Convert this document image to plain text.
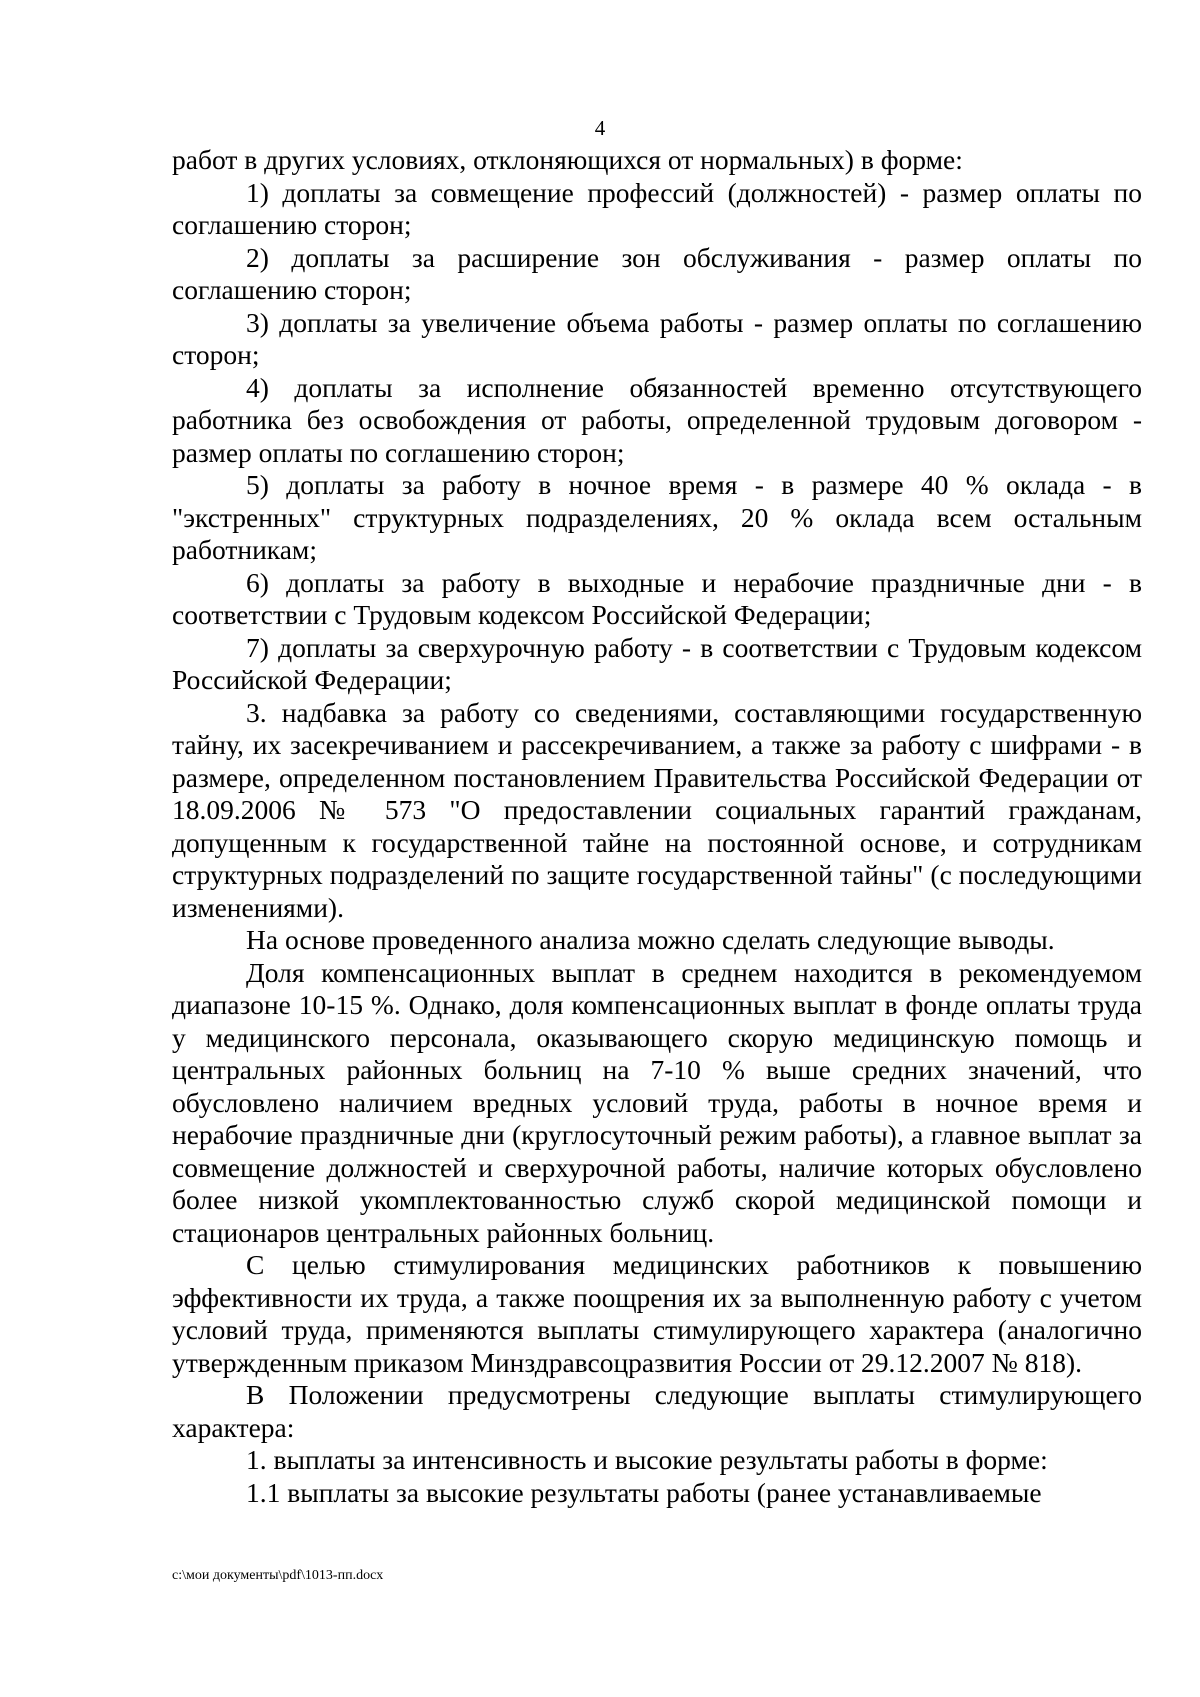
4

работ в других условиях, отклоняющихся от нормальных) в форме:

1) доплаты за совмещение профессий (должностей) - размер оплаты по соглашению сторон;

2) доплаты за расширение зон обслуживания - размер оплаты по соглашению сторон;

3) доплаты за увеличение объема работы - размер оплаты по соглашению сторон;

4) доплаты за исполнение обязанностей временно отсутствующего работника без освобождения от работы, определенной трудовым договором - размер оплаты по соглашению сторон;

5) доплаты за работу в ночное время - в размере 40 % оклада - в "экстренных" структурных подразделениях, 20 % оклада всем остальным работникам;

6) доплаты за работу в выходные и нерабочие праздничные дни - в соответствии с Трудовым кодексом Российской Федерации;

7) доплаты за сверхурочную работу - в соответствии с Трудовым кодексом Российской Федерации;

3. надбавка за работу со сведениями, составляющими государственную тайну, их засекречиванием и рассекречиванием, а также за работу с шифрами - в размере, определенном постановлением Правительства Российской Федерации от 18.09.2006 № 573 "О предоставлении социальных гарантий гражданам, допущенным к государственной тайне на постоянной основе, и сотрудникам структурных подразделений по защите государственной тайны" (с последующими изменениями).

На основе проведенного анализа можно сделать следующие выводы.

Доля компенсационных выплат в среднем находится в рекомендуемом диапазоне 10-15 %. Однако, доля компенсационных выплат в фонде оплаты труда у медицинского персонала, оказывающего скорую медицинскую помощь и центральных районных больниц на 7-10 % выше средних значений, что обусловлено наличием вредных условий труда, работы в ночное время и нерабочие праздничные дни (круглосуточный режим работы), а главное выплат за совмещение должностей и сверхурочной работы, наличие которых обусловлено более низкой укомплектованностью служб скорой медицинской помощи и стационаров центральных районных больниц.

С целью стимулирования медицинских работников к повышению эффективности их труда, а также поощрения их за выполненную работу с учетом условий труда, применяются выплаты стимулирующего характера (аналогично утвержденным приказом Минздравсоцразвития России от 29.12.2007 № 818).

В Положении предусмотрены следующие выплаты стимулирующего характера:

1. выплаты за интенсивность и высокие результаты работы в форме:

1.1 выплаты за высокие результаты работы (ранее устанавливаемые

c:\мои документы\pdf\1013-пп.docx
